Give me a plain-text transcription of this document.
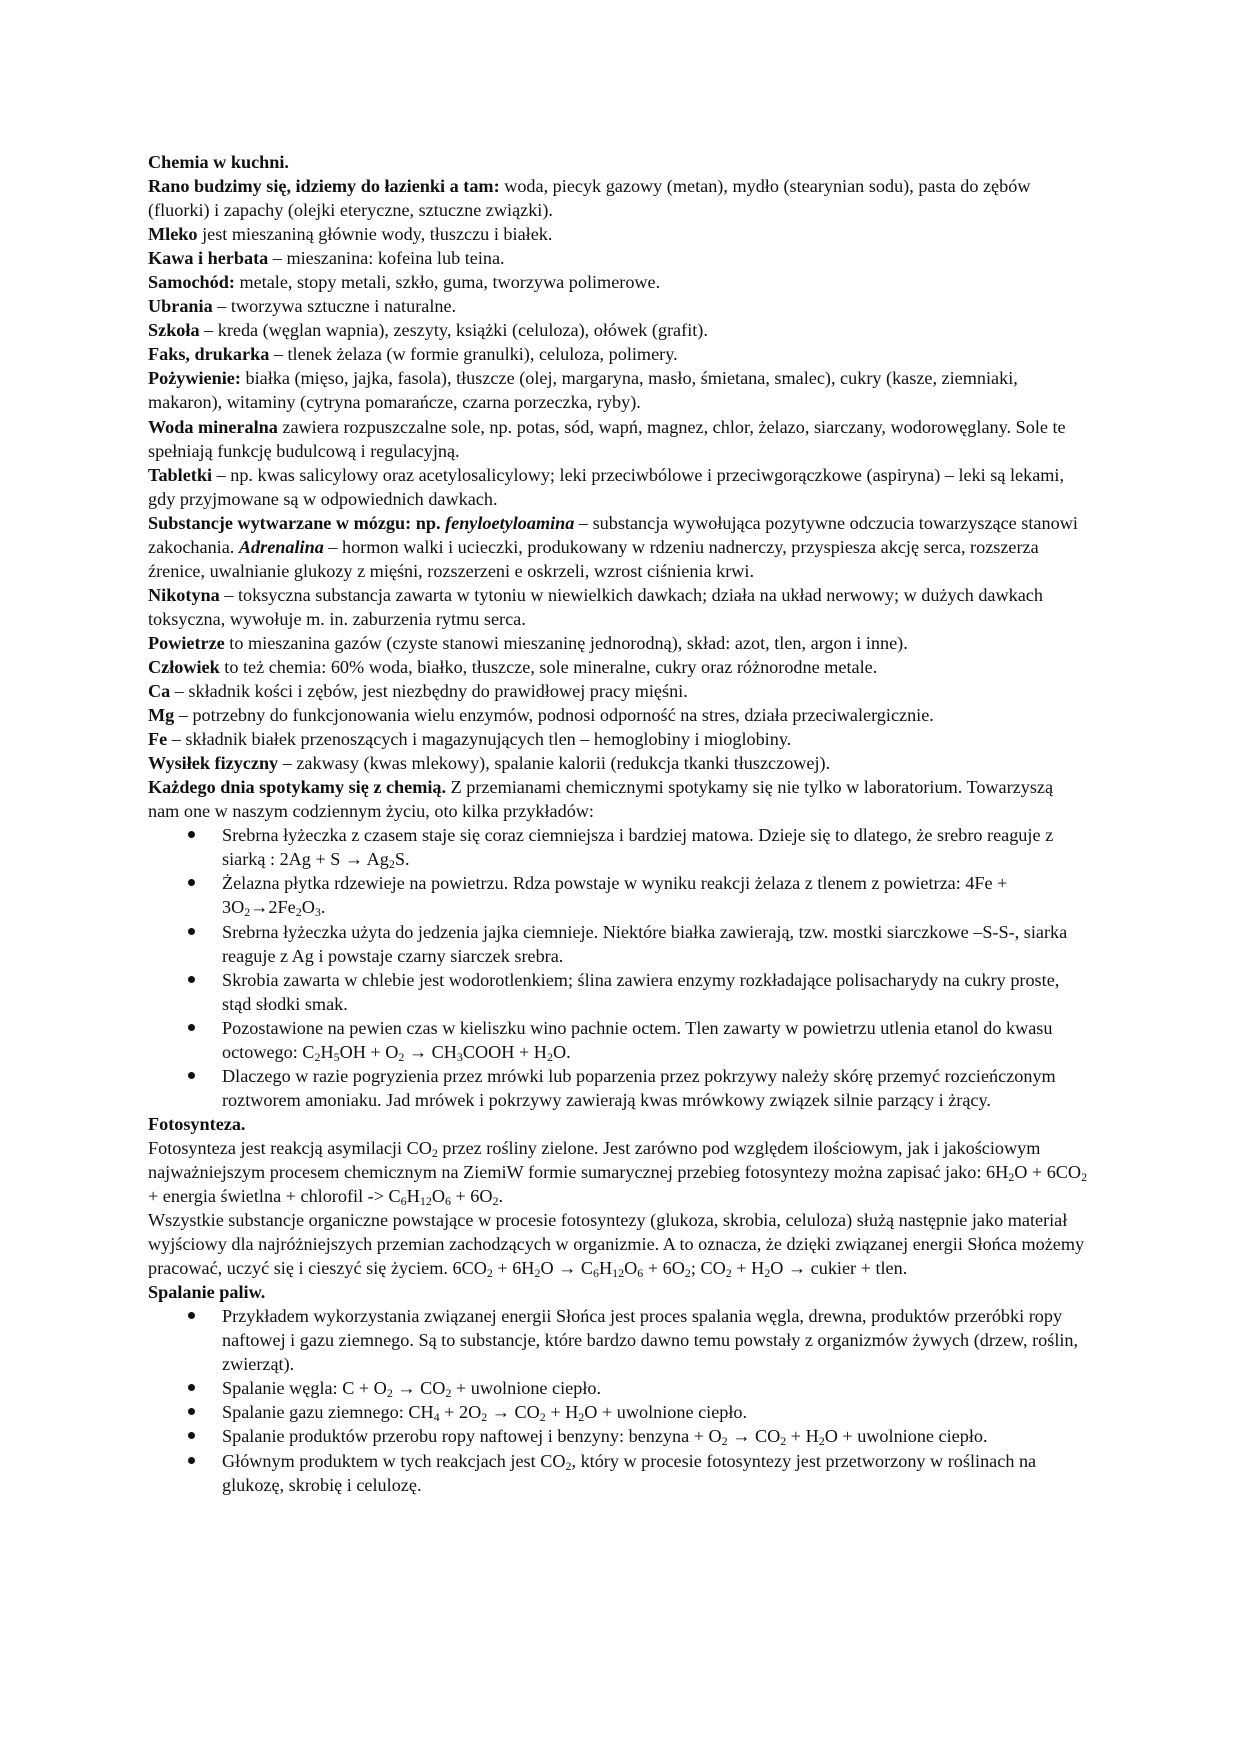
Chemia w kuchni.

Rano budzimy się, idziemy do łazienki a tam: woda, piecyk gazowy (metan), mydło (stearynian sodu), pasta do zębów (fluorki) i zapachy (olejki eteryczne, sztuczne związki).

Mleko jest mieszaniną głównie wody, tłuszczu i białek.

Kawa i herbata – mieszanina: kofeina lub teina.

Samochód: metale, stopy metali, szkło, guma, tworzywa polimerowe.

Ubrania – tworzywa sztuczne i naturalne.

Szkoła – kreda (węglan wapnia), zeszyty, książki (celuloza), ołówek (grafit).

Faks, drukarka – tlenek żelaza (w formie granulki), celuloza, polimery.

Pożywienie: białka (mięso, jajka, fasola), tłuszcze (olej, margaryna, masło, śmietana, smalec), cukry (kasze, ziemniaki, makaron), witaminy (cytryna pomarańcze, czarna porzeczka, ryby).

Woda mineralna zawiera rozpuszczalne sole, np. potas, sód, wapń, magnez, chlor, żelazo, siarczany, wodorowęglany. Sole te spełniają funkcję budulcową i regulacyjną.

Tabletki – np. kwas salicylowy oraz acetylosalicylowy; leki przeciwbólowe i przeciwgorączkowe (aspiryna) – leki są lekami, gdy przyjmowane są w odpowiednich dawkach.

Substancje wytwarzane w mózgu: np. fenyloetyloamina – substancja wywołująca pozytywne odczucia towarzyszące stanowi zakochania. Adrenalina – hormon walki i ucieczki, produkowany w rdzeniu nadnerczy, przyspiesza akcję serca, rozszerza źrenice, uwalnianie glukozy z mięśni, rozszerzeni e oskrzeli, wzrost ciśnienia krwi.

Nikotyna – toksyczna substancja zawarta w tytoniu w niewielkich dawkach; działa na układ nerwowy; w dużych dawkach toksyczna, wywołuje m. in. zaburzenia rytmu serca.

Powietrze to mieszanina gazów (czyste stanowi mieszaninę jednorodną), skład: azot, tlen, argon i inne).

Człowiek to też chemia: 60% woda, białko, tłuszcze, sole mineralne, cukry oraz różnorodne metale.

Ca – składnik kości i zębów, jest niezbędny do prawidłowej pracy mięśni.

Mg – potrzebny do funkcjonowania wielu enzymów, podnosi odporność na stres, działa przeciwalergicznie.

Fe – składnik białek przenoszących i magazynujących tlen – hemoglobiny i mioglobiny.

Wysiłek fizyczny – zakwasy (kwas mlekowy), spalanie kalorii (redukcja tkanki tłuszczowej).

Każdego dnia spotykamy się z chemią. Z przemianami chemicznymi spotykamy się nie tylko w laboratorium. Towarzyszą nam one w naszym codziennym życiu, oto kilka przykładów:

Srebrna łyżeczka z czasem staje się coraz ciemniejsza i bardziej matowa. Dzieje się to dlatego, że srebro reaguje z siarką : $2Ag + S \to Ag_2S$.
Żelazna płytka rdzewieje na powietrzu. Rdza powstaje w wyniku reakcji żelaza z tlenem z powietrza: $4Fe + 3O_2\to 2Fe_2O_3$.
Srebrna łyżeczka użyta do jedzenia jajka ciemnieje. Niektóre białka zawierają, tzw. mostki siarczkowe –S-S-, siarka reaguje z Ag i powstaje czarny siarczek srebra.
Skrobia zawarta w chlebie jest wodorotlenkiem; ślina zawiera enzymy rozkładające polisacharydy na cukry proste, stąd słodki smak.
Pozostawione na pewien czas w kieliszku wino pachnie octem. Tlen zawarty w powietrzu utlenia etanol do kwasu octowego: $C_2H_5OH + O_2$ → $CH_3COOH + H_2O$.
Dlaczego w razie pogryzienia przez mrówki lub poparzenia przez pokrzywy należy skórę przemyć rozcieńczonym roztworem amoniaku. Jad mrówek i pokrzywy zawierają kwas mrówkowy związek silnie parzący i żrący.

Fotosynteza.

Fotosynteza jest reakcją asymilacji $CO_2$ przez rośliny zielone. Jest zarówno pod względem ilościowym, jak i jakościowym najważniejszym procesem chemicznym na ZiemiW formie sumarycznej przebieg fotosyntezy można zapisać jako: $6H_2O + 6CO_2$ + energia świetlna + chlorofil -> $C_6H_{12}O_6 + 6O_2$.

Wszystkie substancje organiczne powstające w procesie fotosyntezy (glukoza, skrobia, celuloza) służą następnie jako materiał wyjściowy dla najróżniejszych przemian zachodzących w organizmie. A to oznacza, że dzięki związanej energii Słońca możemy pracować, uczyć się i cieszyć się życiem. $6CO_2 + 6H_2O \to C_6H_{12}O_6 + 6O_2$; $CO_2 + H_2O$ → cukier + tlen.

Spalanie paliw.

Przykładem wykorzystania związanej energii Słońca jest proces spalania węgla, drewna, produktów przeróbki ropy naftowej i gazu ziemnego. Są to substancje, które bardzo dawno temu powstały z organizmów żywych (drzew, roślin, zwierząt).
Spalanie węgla: $C + O_2 \to CO_2$ + uwolnione ciepło.
Spalanie gazu ziemnego: $CH_4 + 2O_2 \to CO_2 + H_2O$ + uwolnione ciepło.
Spalanie produktów przerobu ropy naftowej i benzyny: benzyna + $O_2 \to CO_2 + H_2O$ + uwolnione ciepło.
Głównym produktem w tych reakcjach jest $CO_2$, który w procesie fotosyntezy jest przetworzony w roślinach na glukozę, skrobię i celulozę.
